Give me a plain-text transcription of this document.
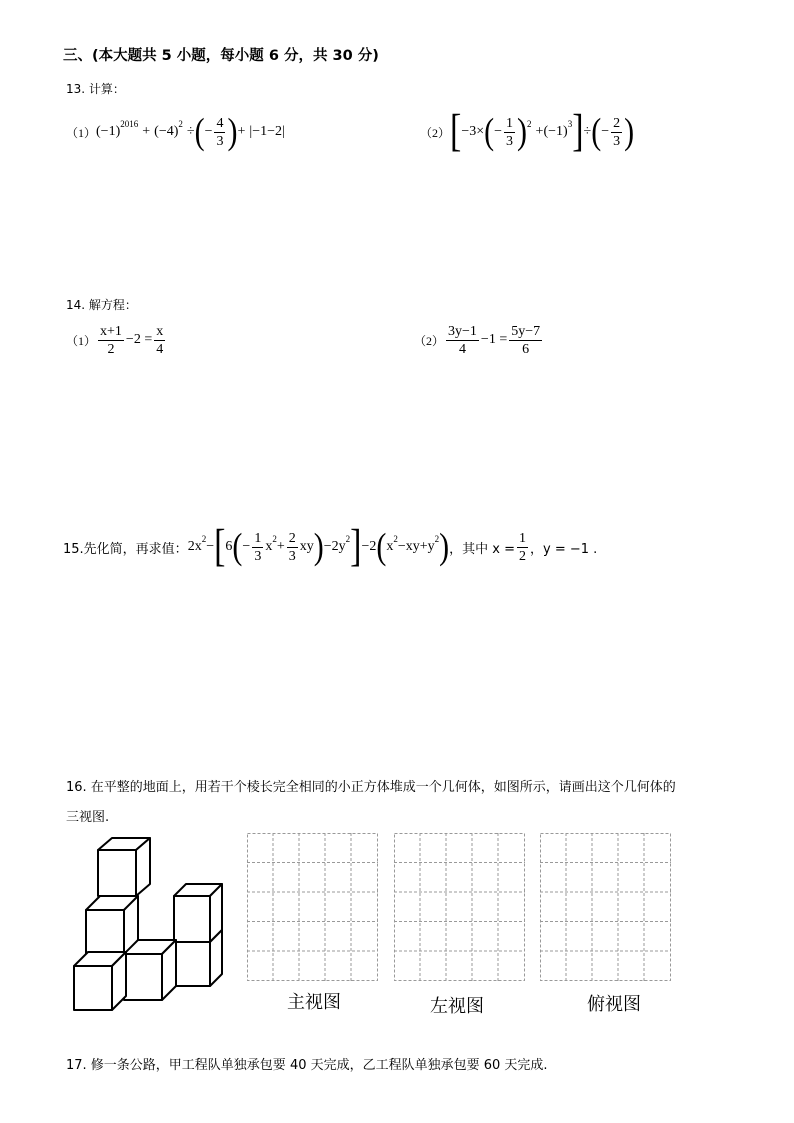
三、(本大题共 5 小题，每小题 6 分，共 30 分)
13. 计算：
（1） (−1) 2016 + (−4) 2 ÷ ( − $\frac{4}{3}$ ) + |−1−2|	（2） [ −3× ( − $\frac{1}{3}$ ) 2 + (−1) 3 ] ÷ ( − $\frac{2}{3}$ )
14. 解方程：
$(1) \frac{x+1}{2} -2 = \frac{x}{4}$	$(2) \frac{3y-1}{4} -1 = \frac{5y-7}{6}$
15.先化简，再求值： 2x 2 − [ 6 ( − $\frac{1}{3}$ x $2 + \frac{2}{3}$ xy ) −2y 2 ] −2 ( x 2 −xy+y 2 ) ，其中 $x = \frac{1}{2}$ ，y = −1 .
16. 在平整的地面上，用若干个棱长完全相同的小正方体堆成一个几何体，如图所示，请画出这个几何体的
三视图.
主视图	左视图	俯视图
17. 修一条公路，甲工程队单独承包要 40 天完成，乙工程队单独承包要 60 天完成.
